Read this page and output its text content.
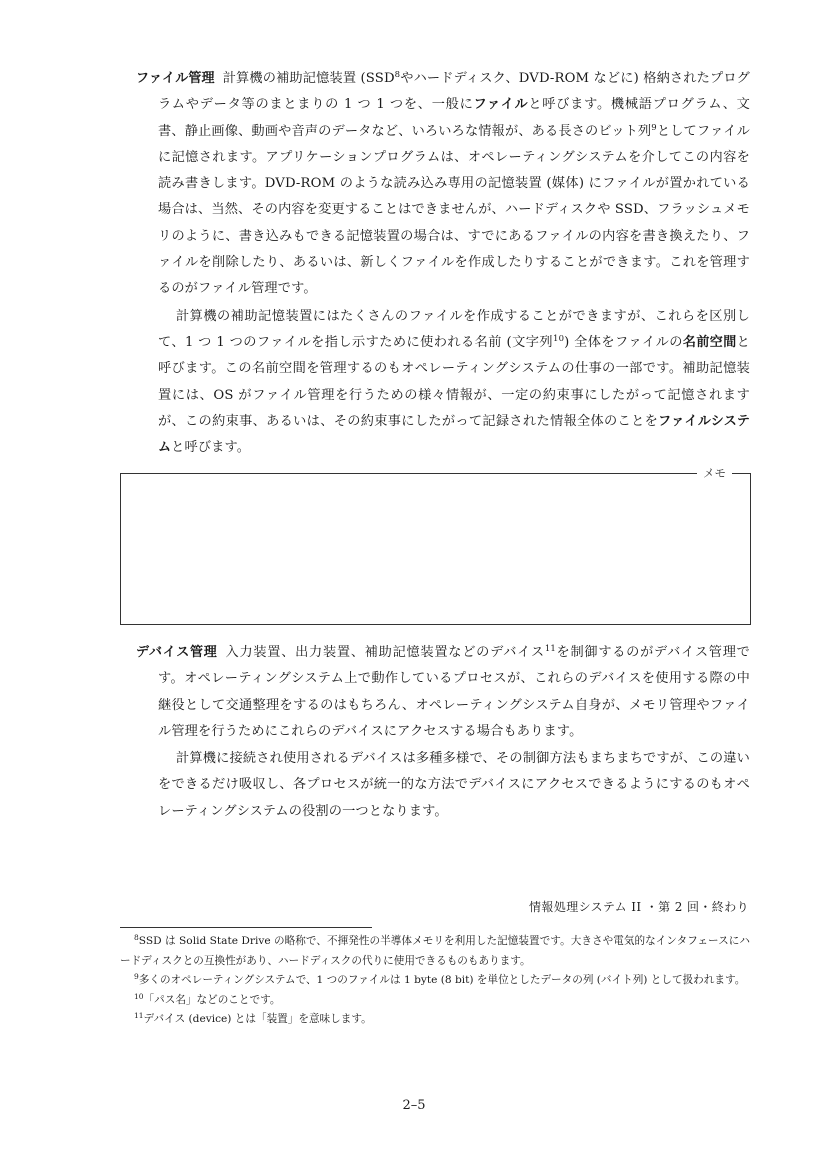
ファイル管理 計算機の補助記憶装置 (SSD$^8$やハードディスク、DVD-ROM などに) 格納されたプログラムやデータ等のまとまりの 1 つ 1 つを、一般にファイルと呼びます。機械語プログラム、文書、静止画像、動画や音声のデータなど、いろいろな情報が、ある長さのビット列$^9$としてファイルに記憶されます。アプリケーションプログラムは、オペレーティングシステムを介してこの内容を読み書きします。DVD-ROM のような読み込み専用の記憶装置 (媒体) にファイルが置かれている場合は、当然、その内容を変更することはできませんが、ハードディスクや SSD、フラッシュメモリのように、書き込みもできる記憶装置の場合は、すでにあるファイルの内容を書き換えたり、ファイルを削除したり、あるいは、新しくファイルを作成したりすることができます。これを管理するのがファイル管理です。

計算機の補助記憶装置にはたくさんのファイルを作成することができますが、これらを区別して、1 つ 1 つのファイルを指し示すために使われる名前 (文字列$^{10}$) 全体をファイルの名前空間と呼びます。この名前空間を管理するのもオペレーティングシステムの仕事の一部です。補助記憶装置には、OS がファイル管理を行うための様々情報が、一定の約束事にしたがって記憶されますが、この約束事、あるいは、その約束事にしたがって記録された情報全体のことをファイルシステムと呼びます。

メモ

デバイス管理 入力装置、出力装置、補助記憶装置などのデバイス$^{11}$を制御するのがデバイス管理です。オペレーティングシステム上で動作しているプロセスが、これらのデバイスを使用する際の中継役として交通整理をするのはもちろん、オペレーティングシステム自身が、メモリ管理やファイル管理を行うためにこれらのデバイスにアクセスする場合もあります。

計算機に接続され使用されるデバイスは多種多様で、その制御方法もまちまちですが、この違いをできるだけ吸収し、各プロセスが統一的な方法でデバイスにアクセスできるようにするのもオペレーティングシステムの役割の一つとなります。

情報処理システム II ・第 2 回・終わり

$^8$SSD は Solid State Drive の略称で、不揮発性の半導体メモリを利用した記憶装置です。大きさや電気的なインタフェースにハードディスクとの互換性があり、ハードディスクの代りに使用できるものもあります。

$^9$多くのオペレーティングシステムで、1 つのファイルは 1 byte (8 bit) を単位としたデータの列 (バイト列) として扱われます。

$^{10}$「パス名」などのことです。

$^{11}$デバイス (device) とは「装置」を意味します。

2–5
